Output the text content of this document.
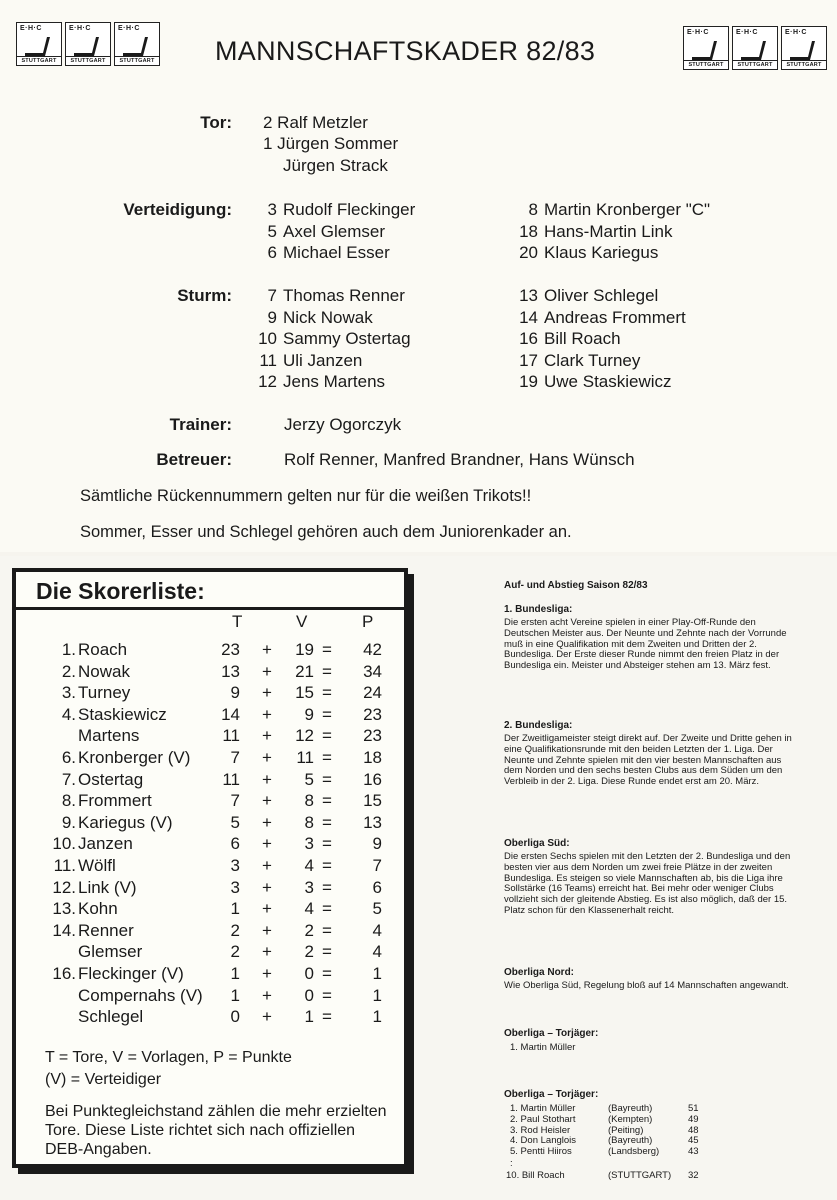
E·H·C
STUTTGART
E·H·C
STUTTGART
E·H·C
STUTTGART
E·H·C
STUTTGART
E·H·C
STUTTGART
E·H·C
STUTTGART
MANNSCHAFTSKADER 82/83
Tor: 2 Ralf Metzler
1 Jürgen Sommer
Jürgen Strack
Verteidigung:	3 Rudolf Fleckinger
5 Axel Glemser
6 Michael Esser
8 Martin Kronberger "C"
18 Hans-Martin Link
20 Klaus Kariegus
Sturm:	7 Thomas Renner
9 Nick Nowak
10 Sammy Ostertag
11 Uli Janzen
12 Jens Martens
13 Oliver Schlegel
14 Andreas Frommert
16 Bill Roach
17 Clark Turney
19 Uwe Staskiewicz
Trainer:	Jerzy Ogorczyk
Betreuer:	Rolf Renner, Manfred Brandner, Hans Wünsch
Sämtliche Rückennummern gelten nur für die weißen Trikots!!
Sommer, Esser und Schlegel gehören auch dem Juniorenkader an.
Die Skorerliste:
T	V	P
1. Roach	23 +	19 =	42
2. Nowak	13 +	21 =	34
3. Turney	9 +	15 =	24
4. Staskiewicz	14 +	9 =	23
Martens	11 +	12 =	23
6. Kronberger (V)	7 +	11 =	18
7. Ostertag	11 +	5 =	16
8. Frommert	7 +	8 =	15
9. Kariegus (V)	5 +	8 =	13
10. Janzen	6 +	3 =	9
11. Wölfl	3 +	4 =	7
12. Link (V)	3 +	3 =	6
13. Kohn	1 +	4 =	5
14. Renner	2 +	2 =	4
Glemser	2 +	2 =	4
16. Fleckinger (V)	1 +	0 =	1
Compernahs (V)	1 +	0 =	1
Schlegel	0 +	1 =	1
T = Tore, V = Vorlagen, P = Punkte
(V) = Verteidiger
Bei Punktegleichstand zählen die mehr erzielten Tore. Diese Liste richtet sich nach offiziellen DEB-Angaben.
Auf- und Abstieg Saison 82/83
1. Bundesliga:
Die ersten acht Vereine spielen in einer Play-Off-Runde den Deutschen Meister aus. Der Neunte und Zehnte nach der Vorrunde muß in eine Qualifikation mit dem Zweiten und Dritten der 2. Bundesliga. Der Erste dieser Runde nimmt den freien Platz in der Bundesliga ein. Meister und Absteiger stehen am 13. März fest.
2. Bundesliga:
Der Zweitligameister steigt direkt auf. Der Zweite und Dritte gehen in eine Qualifikationsrunde mit den beiden Letzten der 1. Liga. Der Neunte und Zehnte spielen mit den vier besten Mannschaften aus dem Norden und den sechs besten Clubs aus dem Süden um den Verbleib in der 2. Liga. Diese Runde endet erst am 20. März.
Oberliga Süd:
Die ersten Sechs spielen mit den Letzten der 2. Bundesliga und den besten vier aus dem Norden um zwei freie Plätze in der zweiten Bundesliga. Es steigen so viele Mannschaften ab, bis die Liga ihre Sollstärke (16 Teams) erreicht hat. Bei mehr oder weniger Clubs vollzieht sich der gleitende Abstieg. Es ist also möglich, daß der 15. Platz schon für den Klassenerhalt reicht.
Oberliga Nord:
Wie Oberliga Süd, Regelung bloß auf 14 Mannschaften angewandt.
Oberliga – Torjäger:
1. Martin Müller
Oberliga – Torjäger:
1. Martin Müller	(Bayreuth)	51
2. Paul Stothart	(Kempten)	49
3. Rod Heisler	(Peiting)	48
4. Don Langlois	(Bayreuth)	45
5. Pentti Hiiros	(Landsberg)	43
:
10. Bill Roach	(STUTTGART) 32
